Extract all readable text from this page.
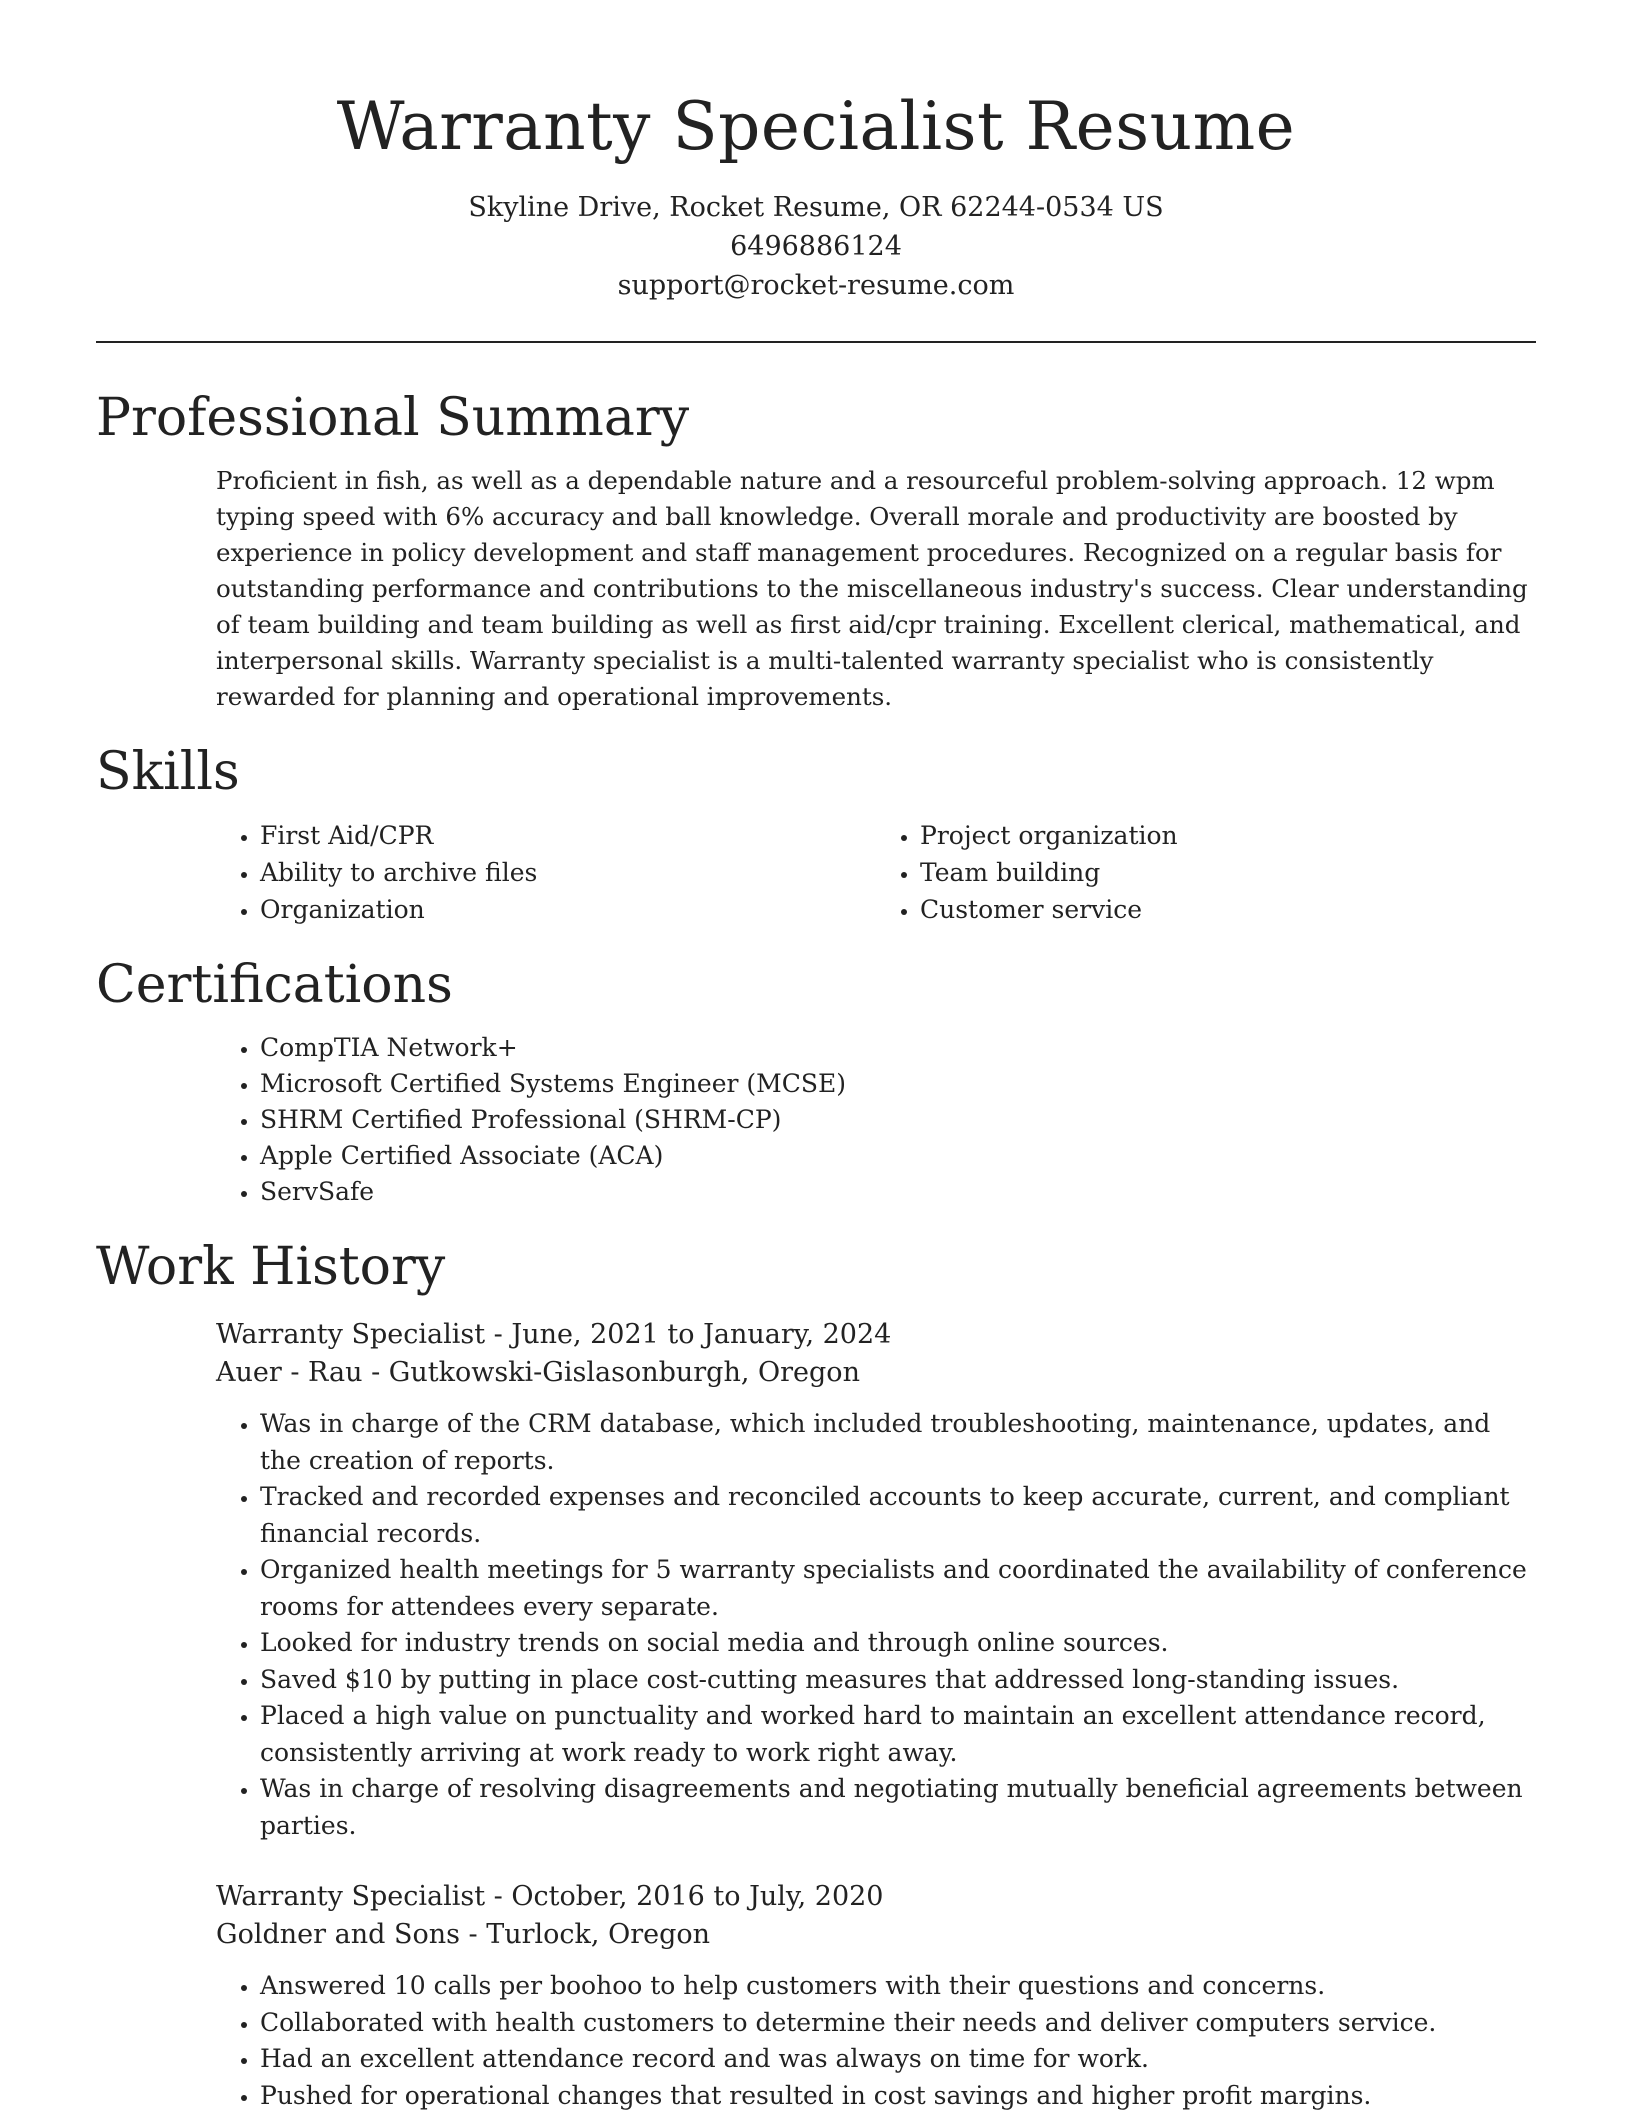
Warranty Specialist Resume

Skyline Drive, Rocket Resume, OR 62244-0534 US

6496886124

support@rocket-resume.com

Professional Summary

Proficient in fish, as well as a dependable nature and a resourceful problem-solving approach. 12 wpm typing speed with 6% accuracy and ball knowledge. Overall morale and productivity are boosted by experience in policy development and staff management procedures. Recognized on a regular basis for outstanding performance and contributions to the miscellaneous industry's success. Clear understanding of team building and team building as well as first aid/cpr training. Excellent clerical, mathematical, and interpersonal skills. Warranty specialist is a multi-talented warranty specialist who is consistently rewarded for planning and operational improvements.

Skills
• First Aid/CPR
• Ability to archive files
• Organization
• Project organization
• Team building
• Customer service
Certifications
• CompTIA Network+
• Microsoft Certified Systems Engineer (MCSE)
• SHRM Certified Professional (SHRM-CP)
• Apple Certified Associate (ACA)
• ServSafe
Work History

Warranty Specialist - June, 2021 to January, 2024

Auer - Rau - Gutkowski-Gislasonburgh, Oregon

• Was in charge of the CRM database, which included troubleshooting, maintenance, updates, and the creation of reports.
• Tracked and recorded expenses and reconciled accounts to keep accurate, current, and compliant financial records.
• Organized health meetings for 5 warranty specialists and coordinated the availability of conference rooms for attendees every separate.
• Looked for industry trends on social media and through online sources.
• Saved $10 by putting in place cost-cutting measures that addressed long-standing issues.
• Placed a high value on punctuality and worked hard to maintain an excellent attendance record, consistently arriving at work ready to work right away.
• Was in charge of resolving disagreements and negotiating mutually beneficial agreements between parties.

Warranty Specialist - October, 2016 to July, 2020

Goldner and Sons - Turlock, Oregon

• Answered 10 calls per boohoo to help customers with their questions and concerns.
• Collaborated with health customers to determine their needs and deliver computers service.
• Had an excellent attendance record and was always on time for work.
• Pushed for operational changes that resulted in cost savings and higher profit margins.
